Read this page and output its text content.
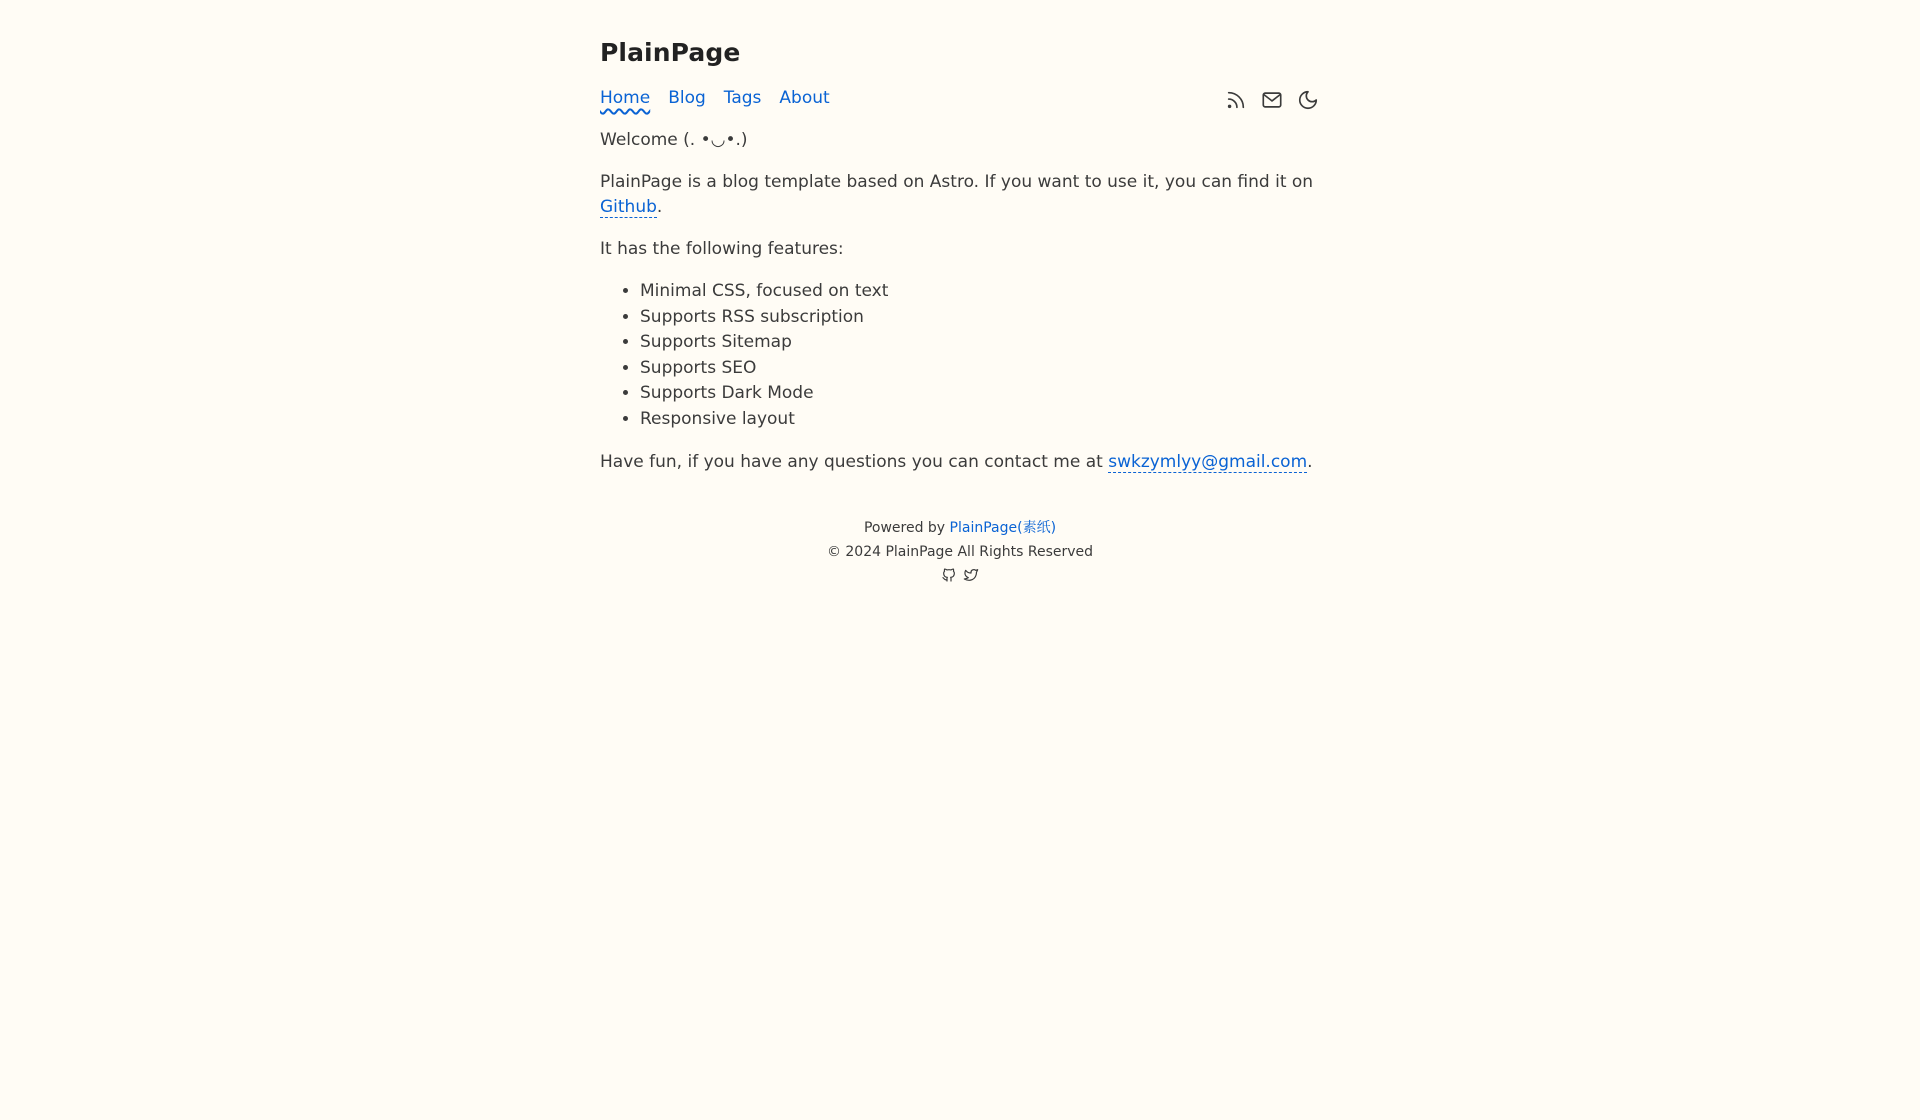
PlainPage
Home Blog Tags About

Welcome (. •◡•.)

PlainPage is a blog template based on Astro. If you want to use it, you can find it on Github.

It has the following features:

• Minimal CSS, focused on text
• Supports RSS subscription
• Supports Sitemap
• Supports SEO
• Supports Dark Mode
• Responsive layout

Have fun, if you have any questions you can contact me at swkzymlyy@gmail.com.

Powered by PlainPage(素纸)
© 2024 PlainPage All Rights Reserved
